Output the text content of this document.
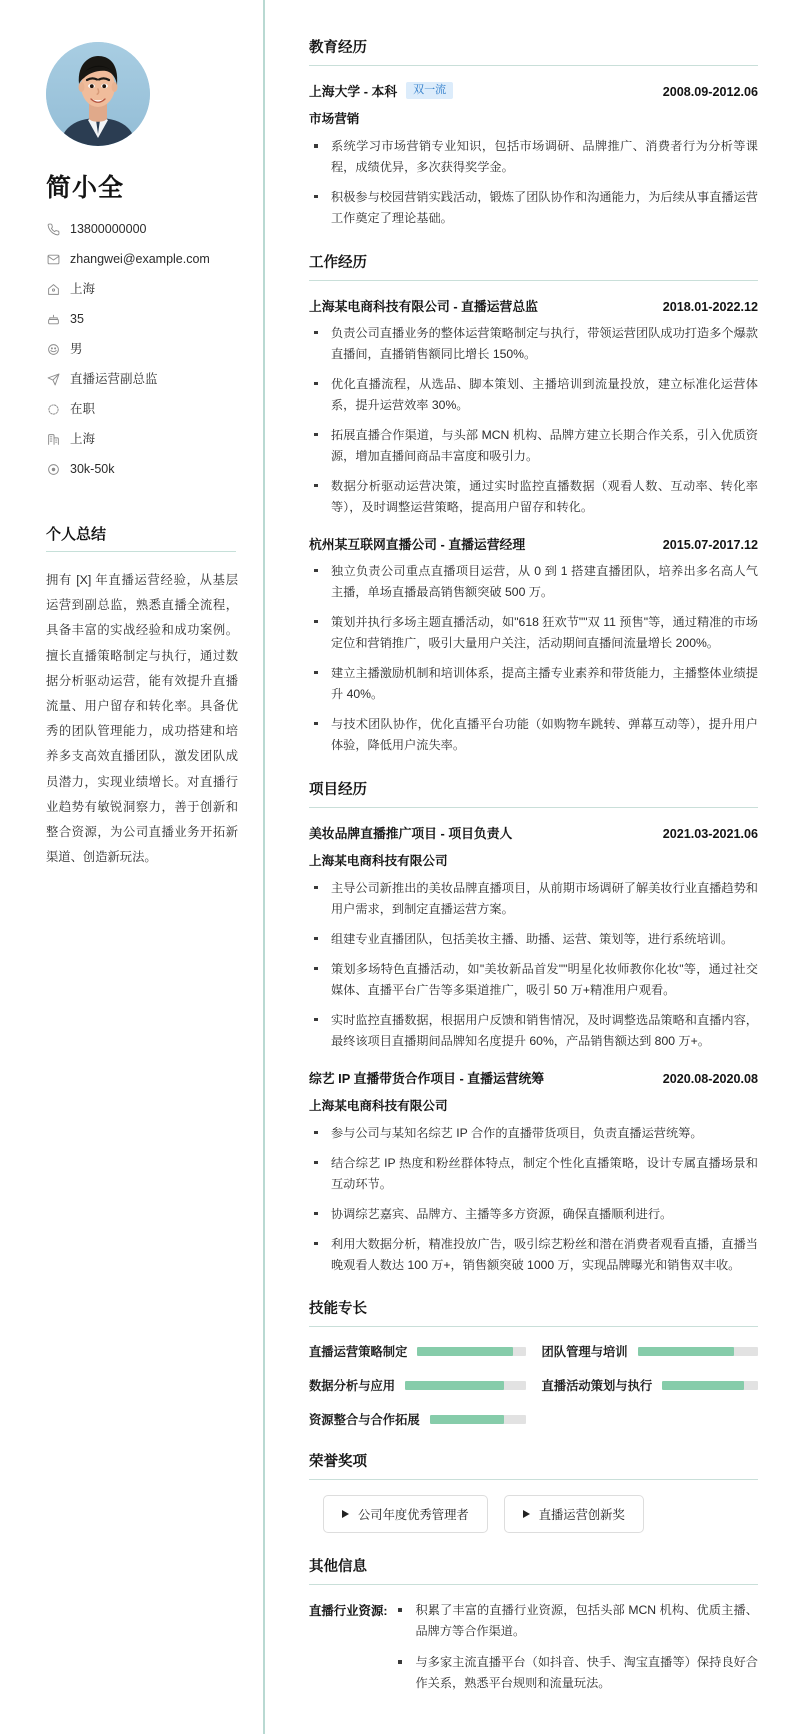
简小全
13800000000
zhangwei@example.com
上海
35
男
直播运营副总监
在职
上海
30k-50k
个人总结

拥有 [X] 年直播运营经验，从基层运营到副总监，熟悉直播全流程，具备丰富的实战经验和成功案例。擅长直播策略制定与执行，通过数据分析驱动运营，能有效提升直播流量、用户留存和转化率。具备优秀的团队管理能力，成功搭建和培养多支高效直播团队，激发团队成员潜力，实现业绩增长。对直播行业趋势有敏锐洞察力，善于创新和整合资源，为公司直播业务开拓新渠道、创造新玩法。

教育经历
上海大学 - 本科	双一流	2008.09-2012.06
市场营销
系统学习市场营销专业知识，包括市场调研、品牌推广、消费者行为分析等课程，成绩优异，多次获得奖学金。
积极参与校园营销实践活动，锻炼了团队协作和沟通能力，为后续从事直播运营工作奠定了理论基础。
工作经历
上海某电商科技有限公司 - 直播运营总监	2018.01-2022.12
负责公司直播业务的整体运营策略制定与执行，带领运营团队成功打造多个爆款直播间，直播销售额同比增长 150%。
优化直播流程，从选品、脚本策划、主播培训到流量投放，建立标准化运营体系，提升运营效率 30%。
拓展直播合作渠道，与头部 MCN 机构、品牌方建立长期合作关系，引入优质资源，增加直播间商品丰富度和吸引力。
数据分析驱动运营决策，通过实时监控直播数据（观看人数、互动率、转化率等），及时调整运营策略，提高用户留存和转化。
杭州某互联网直播公司 - 直播运营经理	2015.07-2017.12
独立负责公司重点直播项目运营，从 0 到 1 搭建直播团队，培养出多名高人气主播，单场直播最高销售额突破 500 万。
策划并执行多场主题直播活动，如"618 狂欢节""双 11 预售"等，通过精准的市场定位和营销推广，吸引大量用户关注，活动期间直播间流量增长 200%。
建立主播激励机制和培训体系，提高主播专业素养和带货能力，主播整体业绩提升 40%。
与技术团队协作，优化直播平台功能（如购物车跳转、弹幕互动等），提升用户体验，降低用户流失率。
项目经历
美妆品牌直播推广项目 - 项目负责人	2021.03-2021.06
上海某电商科技有限公司
主导公司新推出的美妆品牌直播项目，从前期市场调研了解美妆行业直播趋势和用户需求，到制定直播运营方案。
组建专业直播团队，包括美妆主播、助播、运营、策划等，进行系统培训。
策划多场特色直播活动，如"美妆新品首发""明星化妆师教你化妆"等，通过社交媒体、直播平台广告等多渠道推广，吸引 50 万+精准用户观看。
实时监控直播数据，根据用户反馈和销售情况，及时调整选品策略和直播内容，最终该项目直播期间品牌知名度提升 60%，产品销售额达到 800 万+。
综艺 IP 直播带货合作项目 - 直播运营统筹	2020.08-2020.08
上海某电商科技有限公司
参与公司与某知名综艺 IP 合作的直播带货项目，负责直播运营统筹。
结合综艺 IP 热度和粉丝群体特点，制定个性化直播策略，设计专属直播场景和互动环节。
协调综艺嘉宾、品牌方、主播等多方资源，确保直播顺利进行。
利用大数据分析，精准投放广告，吸引综艺粉丝和潜在消费者观看直播，直播当晚观看人数达 100 万+，销售额突破 1000 万，实现品牌曝光和销售双丰收。
技能专长
直播运营策略制定	团队管理与培训
数据分析与应用	直播活动策划与执行
资源整合与合作拓展
荣誉奖项
公司年度优秀管理者	直播运营创新奖
其他信息
直播行业资源:	积累了丰富的直播行业资源，包括头部 MCN 机构、优质主播、品牌方等合作渠道。
与多家主流直播平台（如抖音、快手、淘宝直播等）保持良好合作关系，熟悉平台规则和流量玩法。
